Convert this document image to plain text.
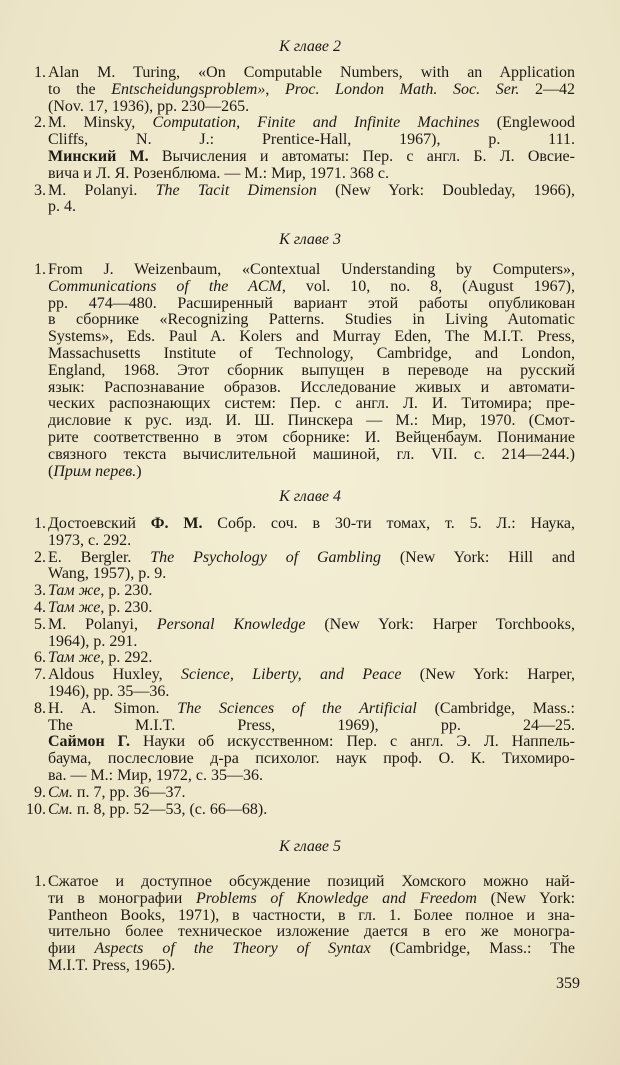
К главе 2
1. Alan M. Turing, «On Computable Numbers, with an Application
to the Entscheidungsproblem», Proc. London Math. Soc. Ser. 2—42
(Nov. 17, 1936), pp. 230—265.
2. M. Minsky, Computation, Finite and Infinite Machines (Englewood
Cliffs, N. J.: Prentice-Hall, 1967), p. 111.
Минский М. Вычисления и автоматы: Пер. с англ. Б. Л. Овсие-
вича и Л. Я. Розенблюма. — М.: Мир, 1971. 368 с.
3. M. Polanyi. The Tacit Dimension (New York: Doubleday, 1966),
p. 4.
К главе 3
1. From J. Weizenbaum, «Contextual Understanding by Computers»,
Communications of the ACM, vol. 10, no. 8, (August 1967),
pp. 474—480. Расширенный вариант этой работы опубликован
в сборнике «Recognizing Patterns. Studies in Living Automatic
Systems», Eds. Paul A. Kolers and Murray Eden, The M.I.T. Press,
Massachusetts Institute of Technology, Cambridge, and London,
England, 1968. Этот сборник выпущен в переводе на русский
язык: Распознавание образов. Исследование живых и автомати-
ческих распознающих систем: Пер. с англ. Л. И. Титомира; пре-
дисловие к рус. изд. И. Ш. Пинскера — М.: Мир, 1970. (Смот-
рите соответственно в этом сборнике: И. Вейценбаум. Понимание
связного текста вычислительной машиной, гл. VII. с. 214—244.)
(Прим перев.)
К главе 4
1. Достоевский Ф. М. Собр. соч. в 30-ти томах, т. 5. Л.: Наука,
1973, с. 292.
2. E. Bergler. The Psychology of Gambling (New York: Hill and
Wang, 1957), p. 9.
3. Там же, p. 230.
4. Там же, p. 230.
5. M. Polanyi, Personal Knowledge (New York: Harper Torchbooks,
1964), p. 291.
6. Там же, p. 292.
7. Aldous Huxley, Science, Liberty, and Peace (New York: Harper,
1946), pp. 35—36.
8. H. A. Simon. The Sciences of the Artificial (Cambridge, Mass.:
The M.I.T. Press, 1969), pp. 24—25.
Саймон Г. Науки об искусственном: Пер. с англ. Э. Л. Наппель-
баума, послесловие д-ра психолог. наук проф. О. К. Тихомиро-
ва. — М.: Мир, 1972, с. 35—36.
9. См. п. 7, pp. 36—37.
10. См. п. 8, pp. 52—53, (с. 66—68).
К главе 5
1. Сжатое и доступное обсуждение позиций Хомского можно най-
ти в монографии Problems of Knowledge and Freedom (New York:
Pantheon Books, 1971), в частности, в гл. 1. Более полное и зна-
чительно более техническое изложение дается в его же моногра-
фии Aspects of the Theory of Syntax (Cambridge, Mass.: The
M.I.T. Press, 1965).
359
